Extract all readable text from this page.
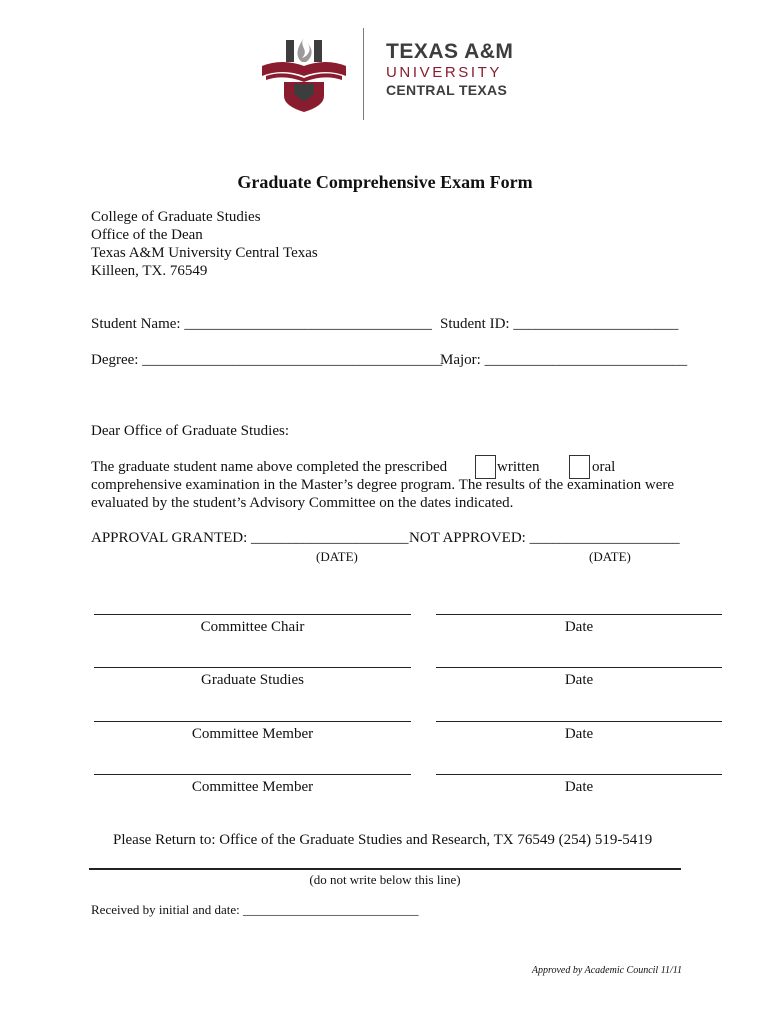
TEXAS A&M
UNIVERSITY
CENTRAL TEXAS
Graduate Comprehensive Exam Form
College of Graduate Studies
Office of the Dean
Texas A&M University Central Texas
Killeen, TX. 76549
Student Name: _________________________________ Student ID: ______________________
Degree: ________________________________________
Major: ___________________________
Dear Office of Graduate Studies:
The graduate student name above completed the prescribed	written	oral
comprehensive examination in the Master’s degree program. The results of the examination were
evaluated by the student’s Advisory Committee on the dates indicated.
APPROVAL GRANTED: _____________________ NOT APPROVED: ____________________
(DATE)	(DATE)
Committee Chair	Date
Graduate Studies	Date
Committee Member	Date
Committee Member	Date
Please Return to: Office of the Graduate Studies and Research, TX 76549 (254) 519-5419
(do not write below this line)
Received by initial and date: ___________________________
Approved by Academic Council 11/11
